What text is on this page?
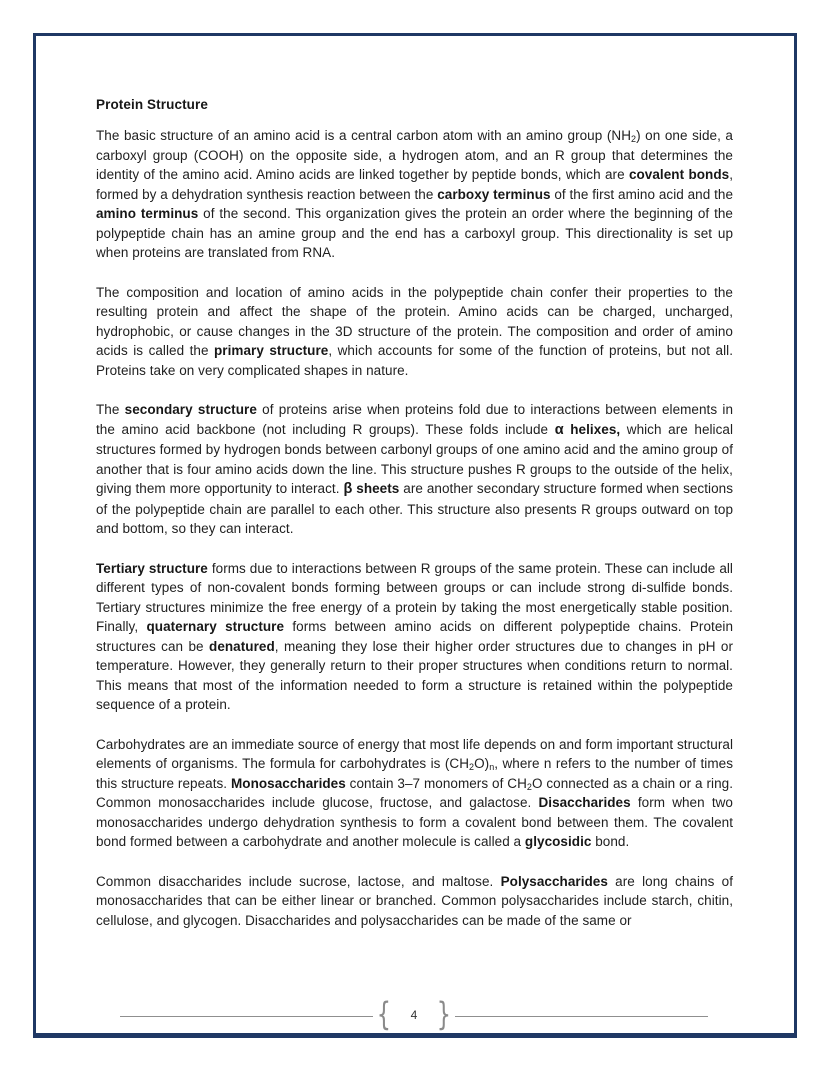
Protein Structure

The basic structure of an amino acid is a central carbon atom with an amino group $(NH_2)$ on one side, a carboxyl group (COOH) on the opposite side, a hydrogen atom, and an R group that determines the identity of the amino acid. Amino acids are linked together by peptide bonds, which are covalent bonds, formed by a dehydration synthesis reaction between the carboxy terminus of the first amino acid and the amino terminus of the second. This organization gives the protein an order where the beginning of the polypeptide chain has an amine group and the end has a carboxyl group. This directionality is set up when proteins are translated from RNA.

The composition and location of amino acids in the polypeptide chain confer their properties to the resulting protein and affect the shape of the protein. Amino acids can be charged, uncharged, hydrophobic, or cause changes in the 3D structure of the protein. The composition and order of amino acids is called the primary structure, which accounts for some of the function of proteins, but not all. Proteins take on very complicated shapes in nature.

The secondary structure of proteins arise when proteins fold due to interactions between elements in the amino acid backbone (not including R groups). These folds include α helixes, which are helical structures formed by hydrogen bonds between carbonyl groups of one amino acid and the amino group of another that is four amino acids down the line. This structure pushes R groups to the outside of the helix, giving them more opportunity to interact. β sheets are another secondary structure formed when sections of the polypeptide chain are parallel to each other. This structure also presents R groups outward on top and bottom, so they can interact.

Tertiary structure forms due to interactions between R groups of the same protein. These can include all different types of non-covalent bonds forming between groups or can include strong di-sulfide bonds. Tertiary structures minimize the free energy of a protein by taking the most energetically stable position. Finally, quaternary structure forms between amino acids on different polypeptide chains. Protein structures can be denatured, meaning they lose their higher order structures due to changes in pH or temperature. However, they generally return to their proper structures when conditions return to normal. This means that most of the information needed to form a structure is retained within the polypeptide sequence of a protein.

Carbohydrates are an immediate source of energy that most life depends on and form important structural elements of organisms. The formula for carbohydrates is $(CH_2O)_n$, where n refers to the number of times this structure repeats. Monosaccharides contain 3–7 monomers of $CH_2O$ connected as a chain or a ring. Common monosaccharides include glucose, fructose, and galactose. Disaccharides form when two monosaccharides undergo dehydration synthesis to form a covalent bond between them. The covalent bond formed between a carbohydrate and another molecule is called a glycosidic bond.

Common disaccharides include sucrose, lactose, and maltose. Polysaccharides are long chains of monosaccharides that can be either linear or branched. Common polysaccharides include starch, chitin, cellulose, and glycogen. Disaccharides and polysaccharides can be made of the same or

{ 4 }
